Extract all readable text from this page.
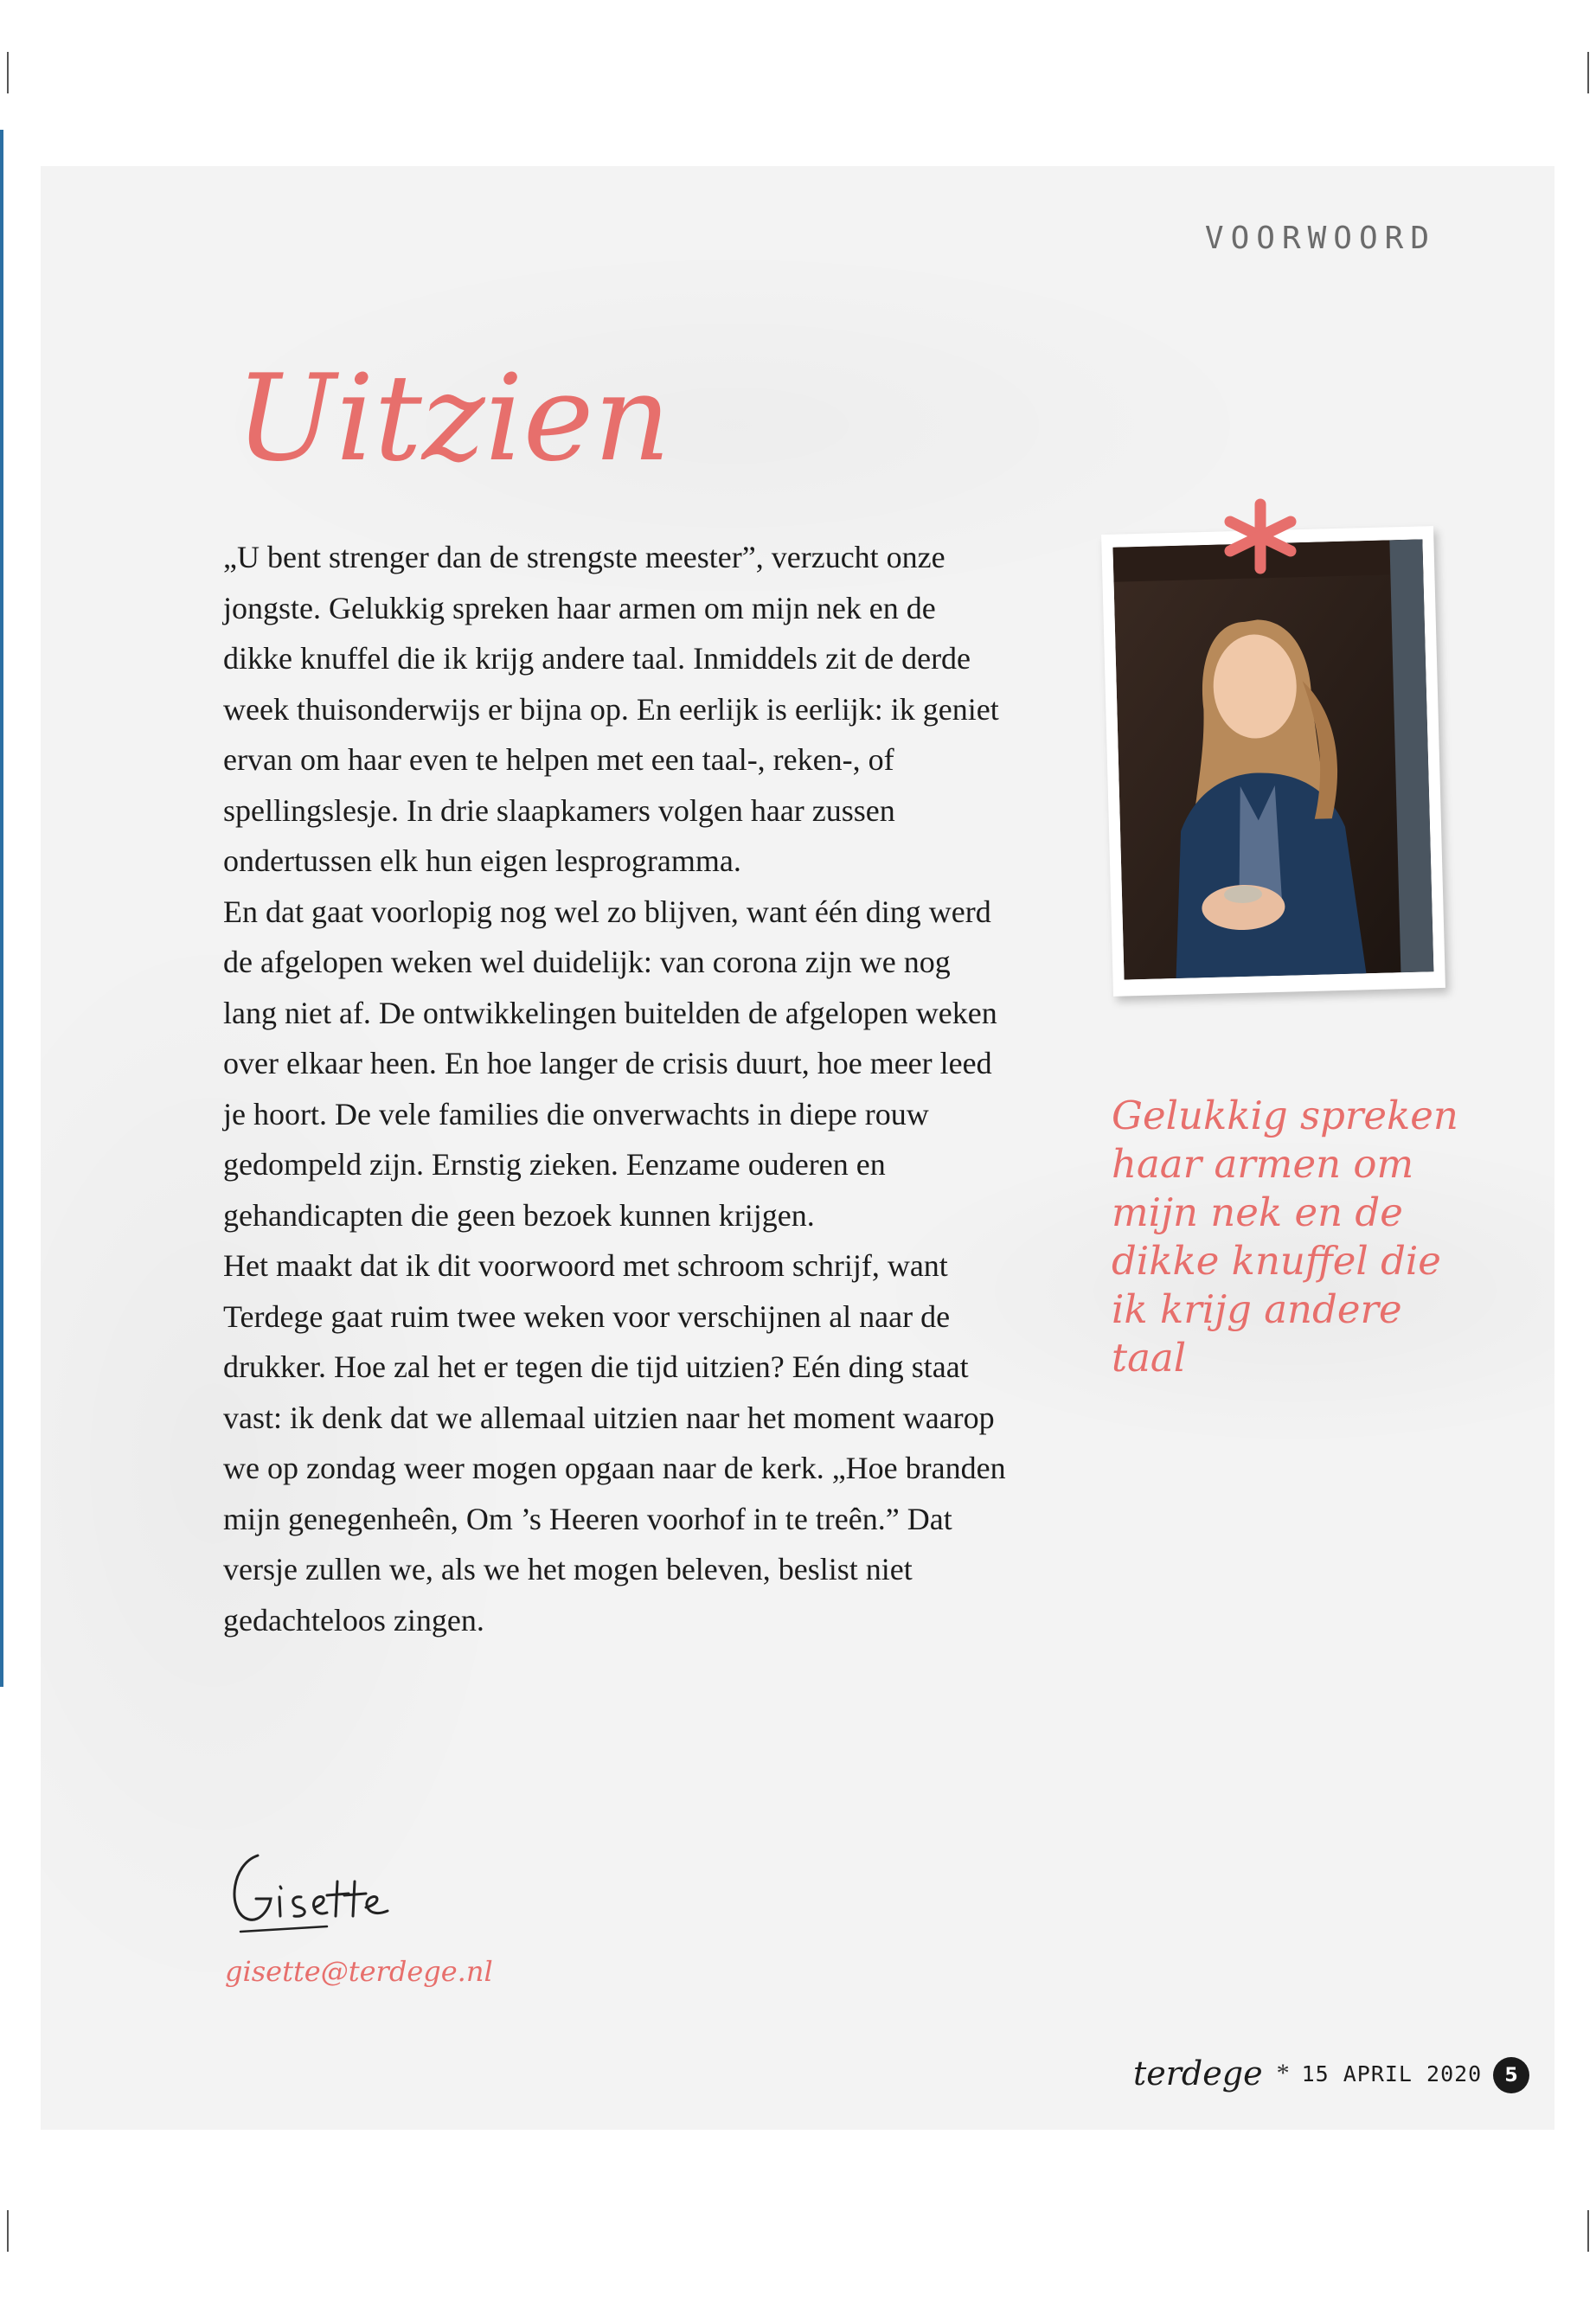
VOORWOORD
Uitzien

„U bent strenger dan de strengste meester”, verzucht onze jongste. Gelukkig spreken haar armen om mijn nek en de dikke knuffel die ik krijg andere taal. Inmiddels zit de derde week thuisonderwijs er bijna op. En eerlijk is eerlijk: ik geniet ervan om haar even te helpen met een taal-, reken-, of spellingslesje. In drie slaapkamers volgen haar zussen ondertussen elk hun eigen lesprogramma.

En dat gaat voorlopig nog wel zo blijven, want één ding werd de afgelopen weken wel duidelijk: van corona zijn we nog lang niet af. De ontwikkelingen buitelden de afgelopen weken over elkaar heen. En hoe langer de crisis duurt, hoe meer leed je hoort. De vele families die onverwachts in diepe rouw gedompeld zijn. Ernstig zieken. Eenzame ouderen en gehandicapten die geen bezoek kunnen krijgen.

Het maakt dat ik dit voorwoord met schroom schrijf, want Terdege gaat ruim twee weken voor verschijnen al naar de drukker. Hoe zal het er tegen die tijd uitzien? Eén ding staat vast: ik denk dat we allemaal uitzien naar het moment waarop we op zondag weer mogen opgaan naar de kerk. „Hoe branden mijn genegenheên, Om ’s Heeren voorhof in te treên.” Dat versje zullen we, als we het mogen beleven, beslist niet gedachteloos zingen.

Gelukkig spreken haar armen om mijn nek en de dikke knuffel die ik krijg andere taal
gisette@terdege.nl
terdege * 15 APRIL 2020	5
